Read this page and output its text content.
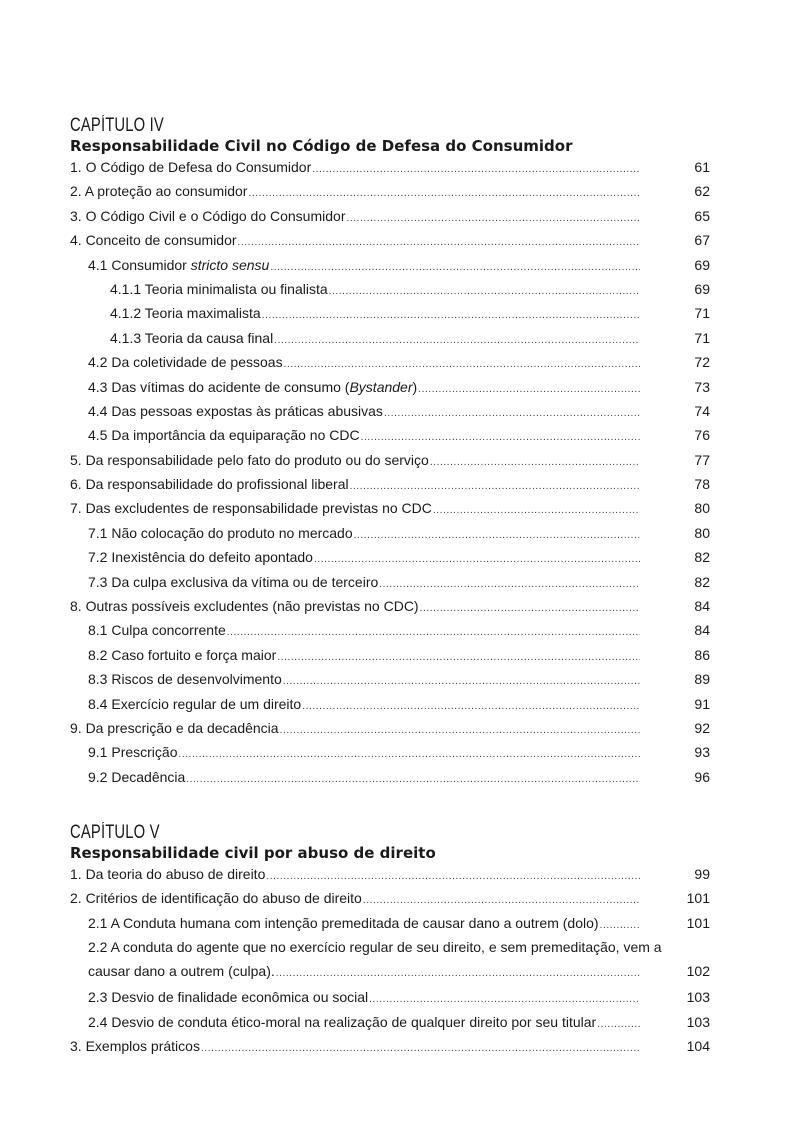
CAPÍTULO IV
Responsabilidade Civil no Código de Defesa do Consumidor
1. O Código de Defesa do Consumidor .....	61
2. A proteção ao consumidor .....	62
3. O Código Civil e o Código do Consumidor .....	65
4. Conceito de consumidor .....	67
4.1 Consumidor stricto sensu .....	69
4.1.1 Teoria minimalista ou finalista .....	69
4.1.2 Teoria maximalista .....	71
4.1.3 Teoria da causa final .....	71
4.2 Da coletividade de pessoas .....	72
4.3 Das vítimas do acidente de consumo (Bystander) .....	73
4.4 Das pessoas expostas às práticas abusivas .....	74
4.5 Da importância da equiparação no CDC .....	76
5. Da responsabilidade pelo fato do produto ou do serviço .....	77
6. Da responsabilidade do profissional liberal .....	78
7. Das excludentes de responsabilidade previstas no CDC .....	80
7.1 Não colocação do produto no mercado .....	80
7.2 Inexistência do defeito apontado .....	82
7.3 Da culpa exclusiva da vítima ou de terceiro .....	82
8. Outras possíveis excludentes (não previstas no CDC) .....	84
8.1 Culpa concorrente .....	84
8.2 Caso fortuito e força maior .....	86
8.3 Riscos de desenvolvimento .....	89
8.4 Exercício regular de um direito .....	91
9. Da prescrição e da decadência .....	92
9.1 Prescrição .....	93
9.2 Decadência .....	96
CAPÍTULO V
Responsabilidade civil por abuso de direito
1. Da teoria do abuso de direito .....	99
2. Critérios de identificação do abuso de direito .....	101
2.1 A Conduta humana com intenção premeditada de causar dano a outrem (dolo) .....	101
2.2 A conduta do agente que no exercício regular de seu direito, e sem premeditação, vem a
causar dano a outrem (culpa). .....	102
2.3 Desvio de finalidade econômica ou social .....	103
2.4 Desvio de conduta ético-moral na realização de qualquer direito por seu titular .....	103
3. Exemplos práticos .....	104
